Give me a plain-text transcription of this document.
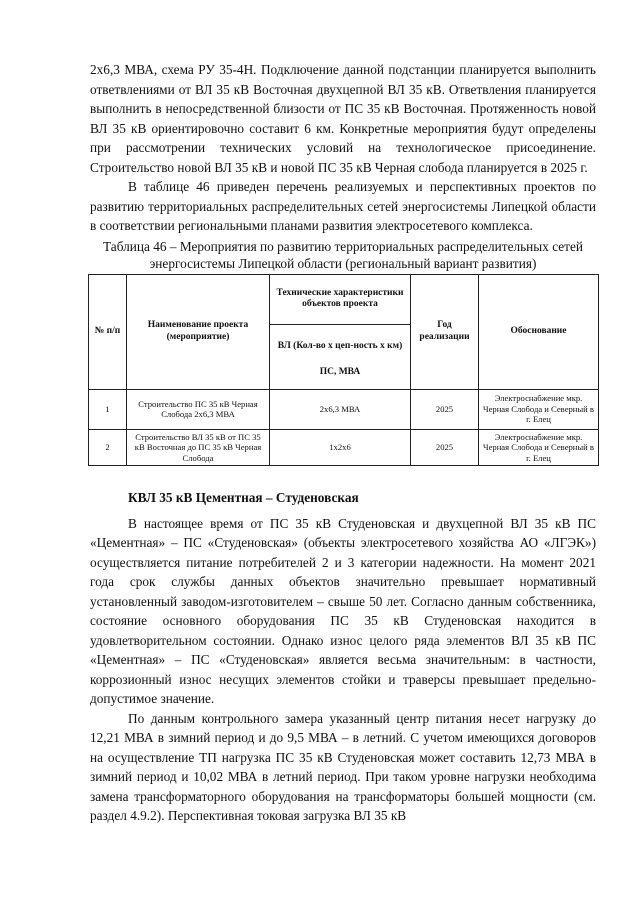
2х6,3 МВА, схема РУ 35-4Н. Подключение данной подстанции планируется выполнить ответвлениями от ВЛ 35 кВ Восточная двухцепной ВЛ 35 кВ. Ответвления планируется выполнить в непосредственной близости от ПС 35 кВ Восточная. Протяженность новой ВЛ 35 кВ ориентировочно составит 6 км. Конкретные мероприятия будут определены при рассмотрении технических условий на технологическое присоединение. Строительство новой ВЛ 35 кВ и новой ПС 35 кВ Черная слобода планируется в 2025 г.

В таблице 46 приведен перечень реализуемых и перспективных проектов по развитию территориальных распределительных сетей энергосистемы Липецкой области в соответствии региональными планами развития электросетевого комплекса.

Таблица 46 – Мероприятия по развитию территориальных распределительных сетей энергосистемы Липецкой области (региональный вариант развития)
№ п/п	Наименование проекта (мероприятие)	Технические характеристики объектов проекта	Год реализации	Обоснование
		ВЛ (Кол-во х цеп-ность х км)		
		ПС, МВА		
1	Строительство ПС 35 кВ Черная Слобода 2х6,3 МВА	2х6,3 МВА	2025	Электроснабжение мкр. Черная Слобода и Северный в г. Елец
2	Строительство ВЛ 35 кВ от ПС 35 кВ Восточная до ПС 35 кВ Черная Слобода	1х2х6	2025	Электроснабжение мкр. Черная Слобода и Северный в г. Елец
КВЛ 35 кВ Цементная – Студеновская

В настоящее время от ПС 35 кВ Студеновская и двухцепной ВЛ 35 кВ ПС «Цементная» – ПС «Студеновская» (объекты электросетевого хозяйства АО «ЛГЭК») осуществляется питание потребителей 2 и 3 категории надежности. На момент 2021 года срок службы данных объектов значительно превышает нормативный установленный заводом-изготовителем – свыше 50 лет. Согласно данным собственника, состояние основного оборудования ПС 35 кВ Студеновская находится в удовлетворительном состоянии. Однако износ целого ряда элементов ВЛ 35 кВ ПС «Цементная» – ПС «Студеновская» является весьма значительным: в частности, коррозионный износ несущих элементов стойки и траверсы превышает предельно-допустимое значение.

По данным контрольного замера указанный центр питания несет нагрузку до 12,21 МВА в зимний период и до 9,5 МВА – в летний. С учетом имеющихся договоров на осуществление ТП нагрузка ПС 35 кВ Студеновская может составить 12,73 МВА в зимний период и 10,02 МВА в летний период. При таком уровне нагрузки необходима замена трансформаторного оборудования на трансформаторы большей мощности (см. раздел 4.9.2). Перспективная токовая загрузка ВЛ 35 кВ
